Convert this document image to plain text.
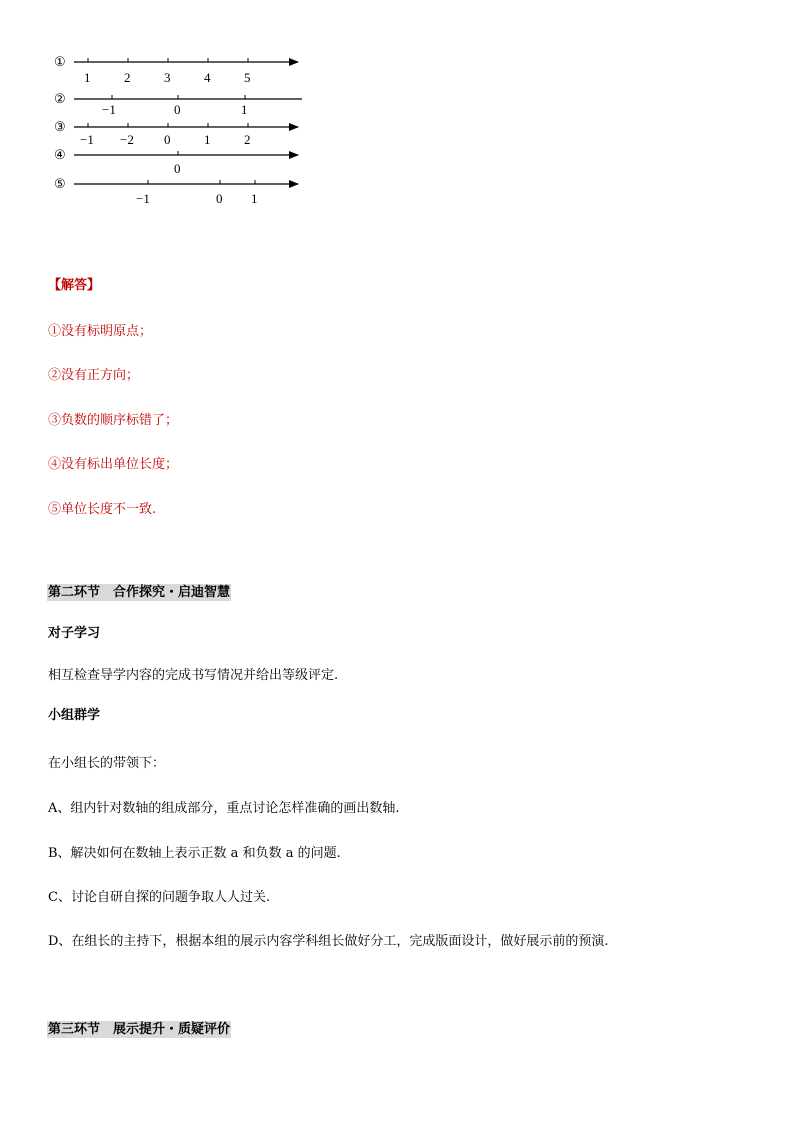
①
1	2	3	4	5
②
−1	0	1
③
−1 −2 0	1	2
④
0
⑤
−1	0 1
【解答】
①没有标明原点；
②没有正方向；
③负数的顺序标错了；
④没有标出单位长度；
⑤单位长度不一致.
第二环节　合作探究・启迪智慧
对子学习
相互检查导学内容的完成书写情况并给出等级评定.
小组群学
在小组长的带领下：
A、组内针对数轴的组成部分，重点讨论怎样准确的画出数轴.
B、解决如何在数轴上表示正数 a 和负数 a 的问题.
C、讨论自研自探的问题争取人人过关.
D、在组长的主持下，根据本组的展示内容学科组长做好分工，完成版面设计，做好展示前的预演.
第三环节　展示提升・质疑评价
